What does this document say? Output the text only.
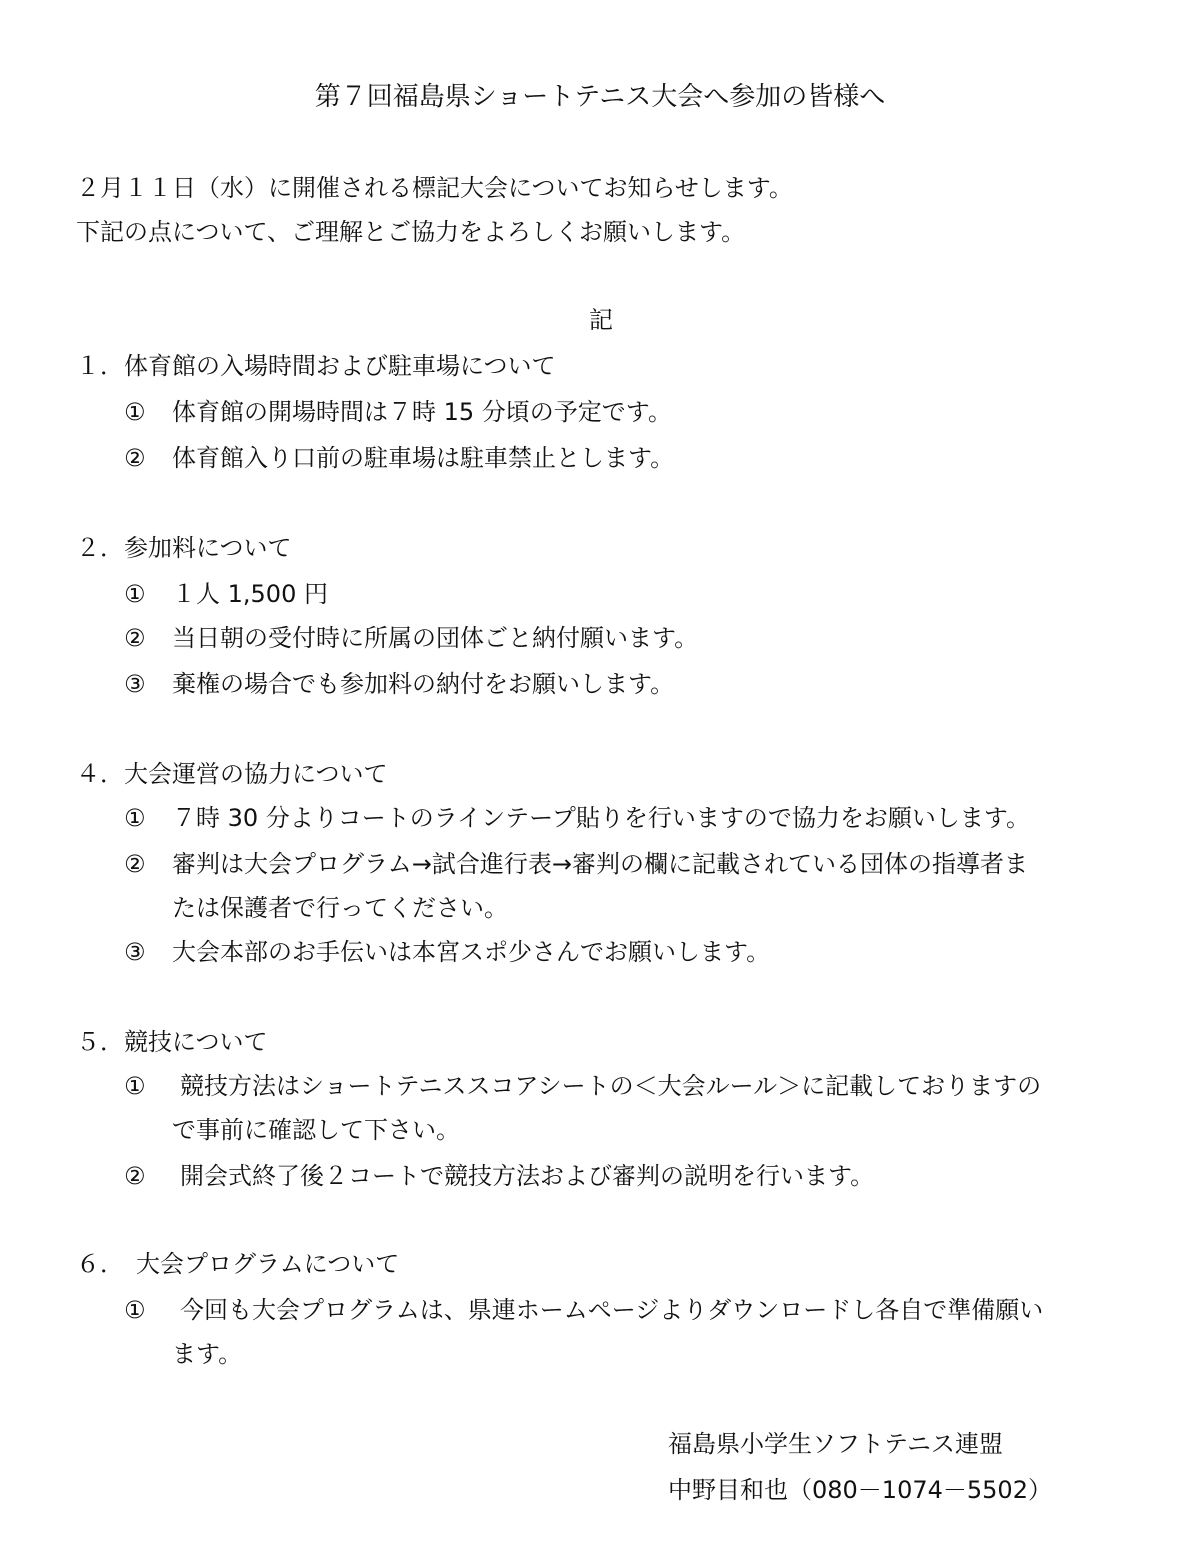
第７回福島県ショートテニス大会へ参加の皆様へ

２月１１日（水）に開催される標記大会についてお知らせします。

下記の点について、ご理解とご協力をよろしくお願いします。

記

１．体育館の入場時間および駐車場について

① 体育館の開場時間は７時 15 分頃の予定です。

② 体育館入り口前の駐車場は駐車禁止とします。

２．参加料について

① １人 1,500 円

② 当日朝の受付時に所属の団体ごと納付願います。

③ 棄権の場合でも参加料の納付をお願いします。

４．大会運営の協力について

① ７時 30 分よりコートのラインテープ貼りを行いますので協力をお願いします。

② 審判は大会プログラム→試合進行表→審判の欄に記載されている団体の指導者ま

たは保護者で行ってください。

③ 大会本部のお手伝いは本宮スポ少さんでお願いします。

５．競技について

① 競技方法はショートテニススコアシートの＜大会ルール＞に記載しておりますの

で事前に確認して下さい。

② 開会式終了後２コートで競技方法および審判の説明を行います。

６．　大会プログラムについて

① 今回も大会プログラムは、県連ホームページよりダウンロードし各自で準備願い

ます。

福島県小学生ソフトテニス連盟

中野目和也（080－1074－5502）
